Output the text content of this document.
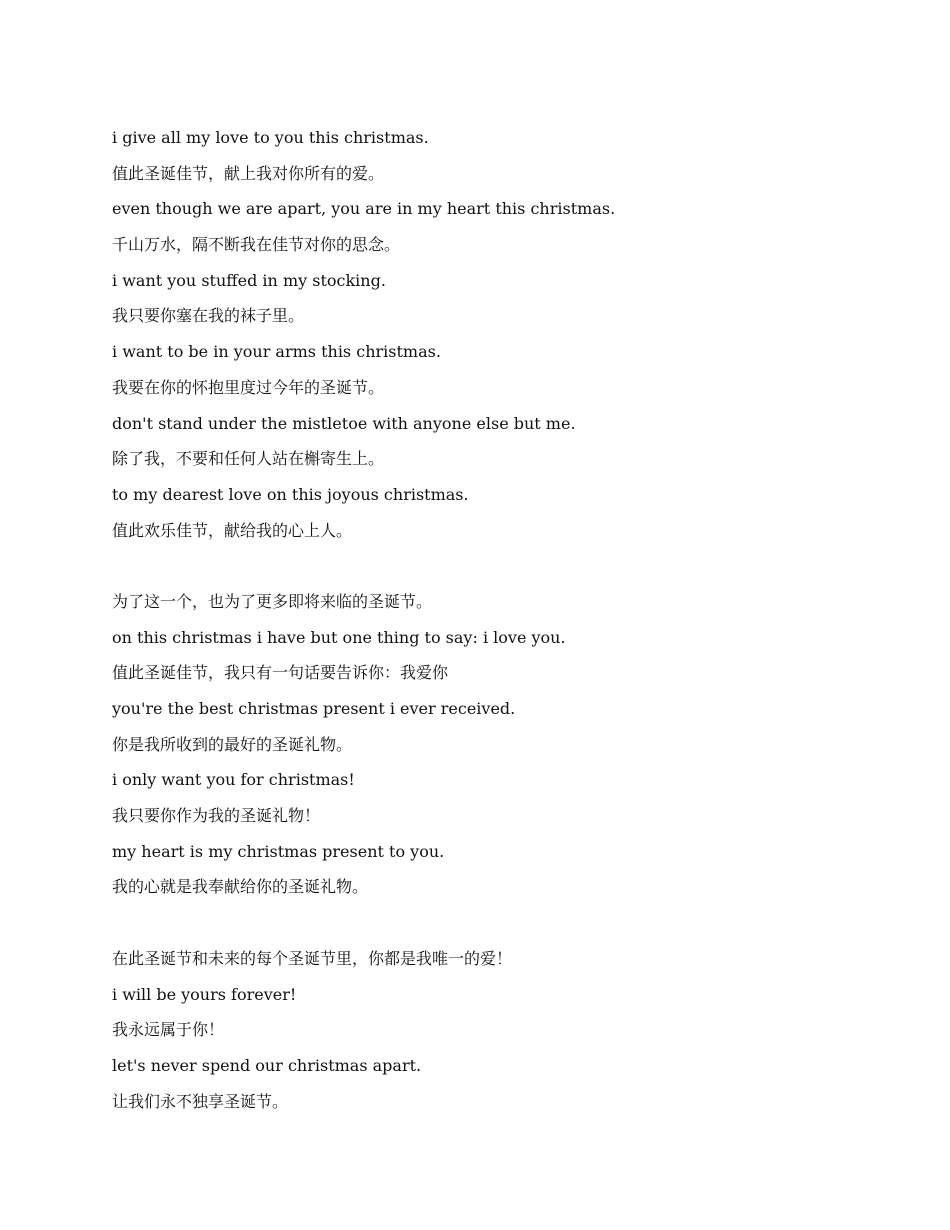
i give all my love to you this christmas.
值此圣诞佳节，献上我对你所有的爱。
even though we are apart, you are in my heart this christmas.
千山万水，隔不断我在佳节对你的思念。
i want you stuffed in my stocking.
我只要你塞在我的袜子里。
i want to be in your arms this christmas.
我要在你的怀抱里度过今年的圣诞节。
don't stand under the mistletoe with anyone else but me.
除了我，不要和任何人站在槲寄生上。
to my dearest love on this joyous christmas.
值此欢乐佳节，献给我的心上人。
为了这一个，也为了更多即将来临的圣诞节。
on this christmas i have but one thing to say: i love you.
值此圣诞佳节，我只有一句话要告诉你：我爱你
you're the best christmas present i ever received.
你是我所收到的最好的圣诞礼物。
i only want you for christmas!
我只要你作为我的圣诞礼物！
my heart is my christmas present to you.
我的心就是我奉献给你的圣诞礼物。
在此圣诞节和未来的每个圣诞节里，你都是我唯一的爱！
i will be yours forever!
我永远属于你！
let's never spend our christmas apart.
让我们永不独享圣诞节。
